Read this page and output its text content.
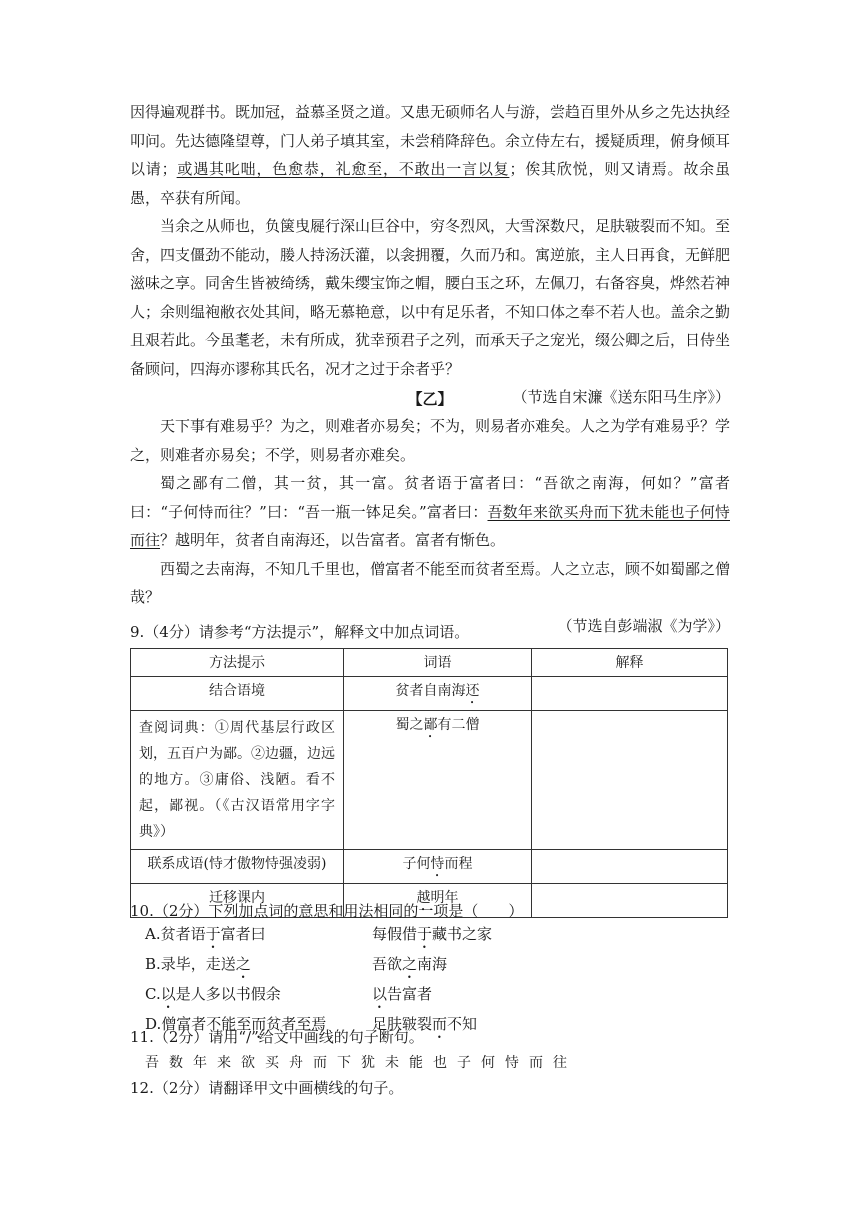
因得遍观群书。既加冠，益慕圣贤之道。又患无硕师名人与游，尝趋百里外从乡之先达执经

叩问。先达德隆望尊，门人弟子填其室，未尝稍降辞色。余立侍左右，援疑质理，俯身倾耳

以请；或遇其叱咄，色愈恭，礼愈至，不敢出一言以复；俟其欣悦，则又请焉。故余虽愚，卒获有所闻。

当余之从师也，负箧曳屣行深山巨谷中，穷冬烈风，大雪深数尺，足肤皲裂而不知。至舍，四支僵劲不能动，媵人持汤沃灌，以衾拥覆，久而乃和。寓逆旅，主人日再食，无鲜肥滋味之享。同舍生皆被绮绣，戴朱缨宝饰之帽，腰白玉之环，左佩刀，右备容臭，烨然若神人；余则缊袍敝衣处其间，略无慕艳意，以中有足乐者，不知口体之奉不若人也。盖余之勤且艰若此。今虽耄老，未有所成，犹幸预君子之列，而承天子之宠光，缀公卿之后，日侍坐备顾问，四海亦谬称其氏名，况才之过于余者乎？

（节选自宋濂《送东阳马生序》）

【乙】

天下事有难易乎？为之，则难者亦易矣；不为，则易者亦难矣。人之为学有难易乎？学之，则难者亦易矣；不学，则易者亦难矣。

蜀之鄙有二僧，其一贫，其一富。贫者语于富者曰：“吾欲之南海，何如？”富者曰：“子何恃而往？”曰：“吾一瓶一钵足矣。”富者曰：吾数年来欲买舟而下犹未能也子何恃而往？越明年，贫者自南海还，以告富者。富者有惭色。

西蜀之去南海，不知几千里也，僧富者不能至而贫者至焉。人之立志，顾不如蜀鄙之僧哉？

（节选自彭端淑《为学》）

9.（4分）请参考“方法提示”，解释文中加点词语。
方法提示	词语	解释
结合语境	贫者自南海还	
查阅词典：①周代基层行政区划，五百户为鄙。②边疆，边远的地方。③庸俗、浅陋。看不起，鄙视。（《古汉语常用字字典》）	蜀之鄙有二僧	
联系成语(恃才傲物恃强凌弱)	子何恃而程	
迁移课内	越明年	
10.（2分）下列加点词的意思和用法相同的一项是（　　）
A.贫者语于富者曰	每假借于藏书之家
B.录毕，走送之	吾欲之南海
C.以是人多以书假余	以告富者
D.僧富者不能至而贫者至焉	足肤皲裂而不知
11.（2分）请用“/”给文中画线的句子断句。
吾数年来欲买舟而下犹未能也子何恃而往
12.（2分）请翻译甲文中画横线的句子。
